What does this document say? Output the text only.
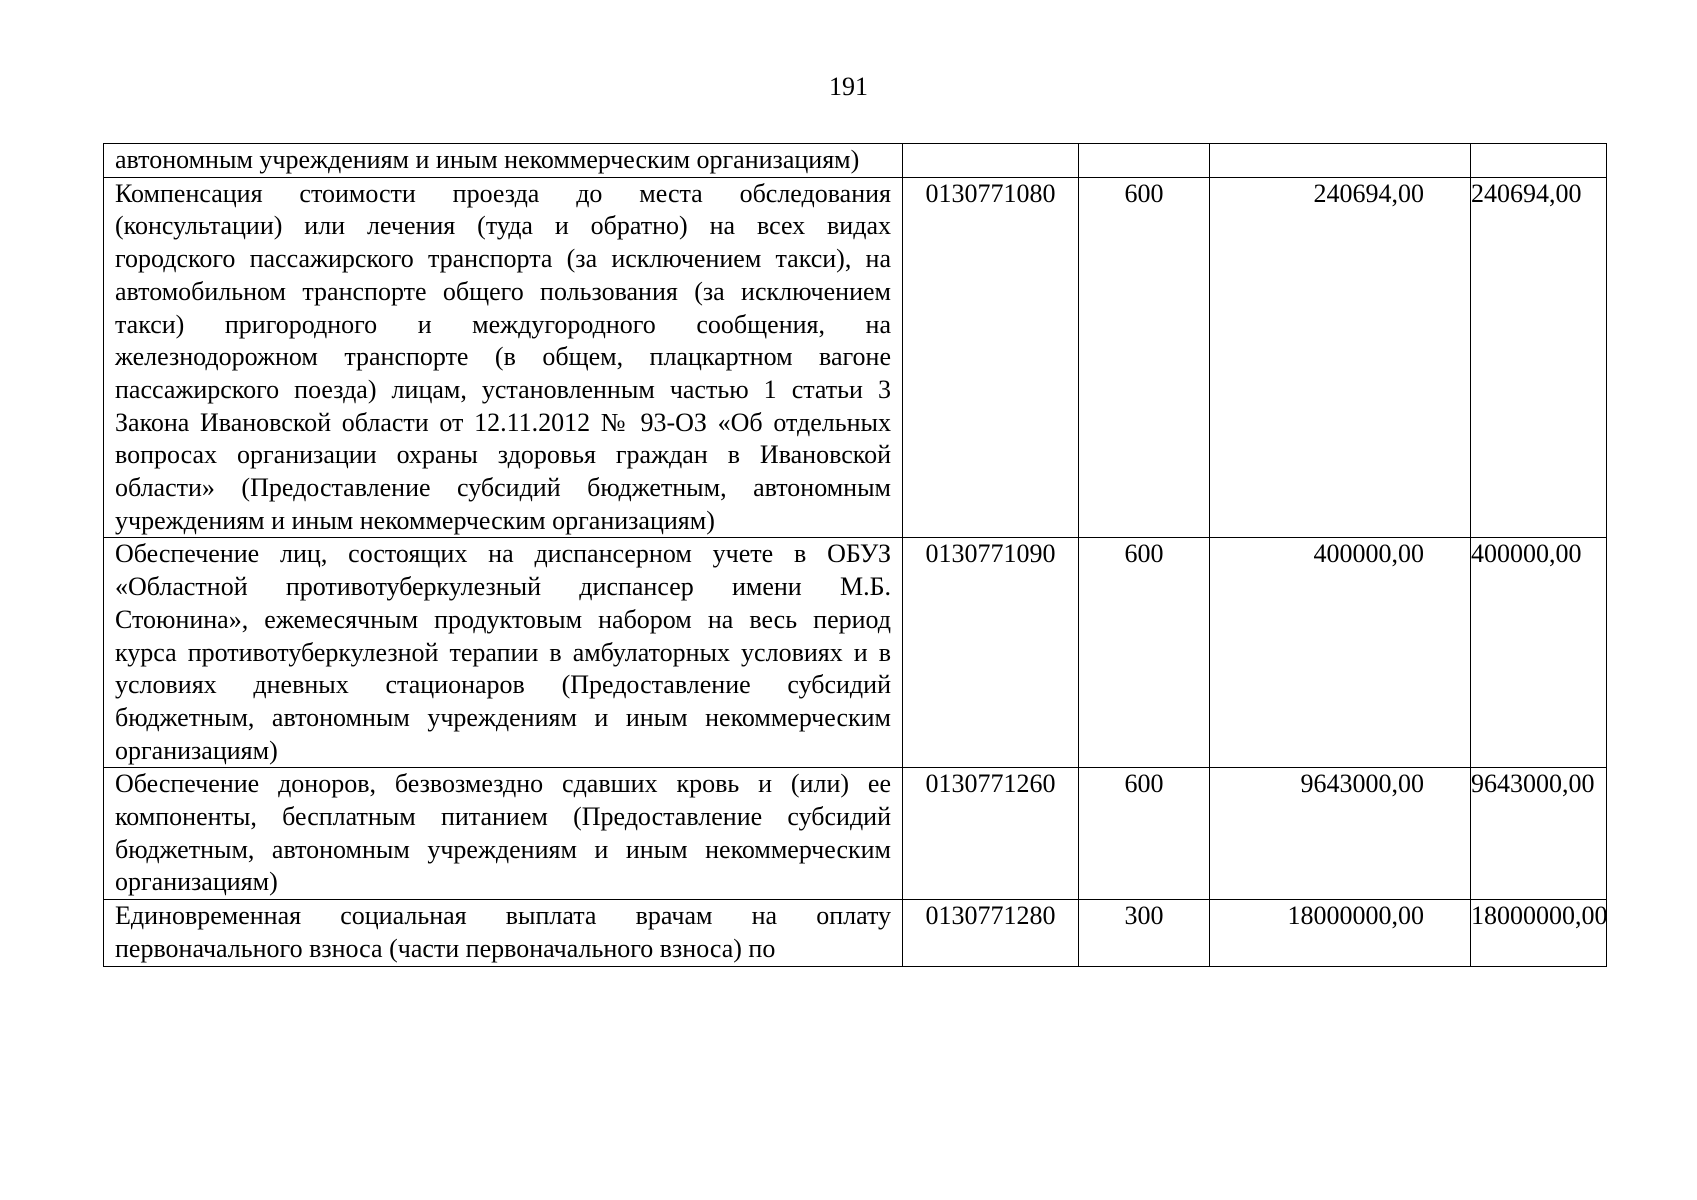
191
автономным учреждениям и иным некоммерческим организациям)				
Компенсация стоимости проезда до места обследования (консультации) или лечения (туда и обратно) на всех видах городского пассажирского транспорта (за исключением такси), на автомобильном транспорте общего пользования (за исключением такси) пригородного и междугородного сообщения, на железнодорожном транспорте (в общем, плацкартном вагоне пассажирского поезда) лицам, установленным частью 1 статьи 3 Закона Ивановской области от 12.11.2012 № 93-ОЗ «Об отдельных вопросах организации охраны здоровья граждан в Ивановской области» (Предоставление субсидий бюджетным, автономным учреждениям и иным некоммерческим организациям)	0130771080	600	240694,00	240694,00
Обеспечение лиц, состоящих на диспансерном учете в ОБУЗ «Областной противотуберкулезный диспансер имени М.Б. Стоюнина», ежемесячным продуктовым набором на весь период курса противотуберкулезной терапии в амбулаторных условиях и в условиях дневных стационаров (Предоставление субсидий бюджетным, автономным учреждениям и иным некоммерческим организациям)	0130771090	600	400000,00	400000,00
Обеспечение доноров, безвозмездно сдавших кровь и (или) ее компоненты, бесплатным питанием (Предоставление субсидий бюджетным, автономным учреждениям и иным некоммерческим организациям)	0130771260	600	9643000,00	9643000,00
Единовременная социальная выплата врачам на оплату первоначального взноса (части первоначального взноса) по	0130771280	300	18000000,00	18000000,00
